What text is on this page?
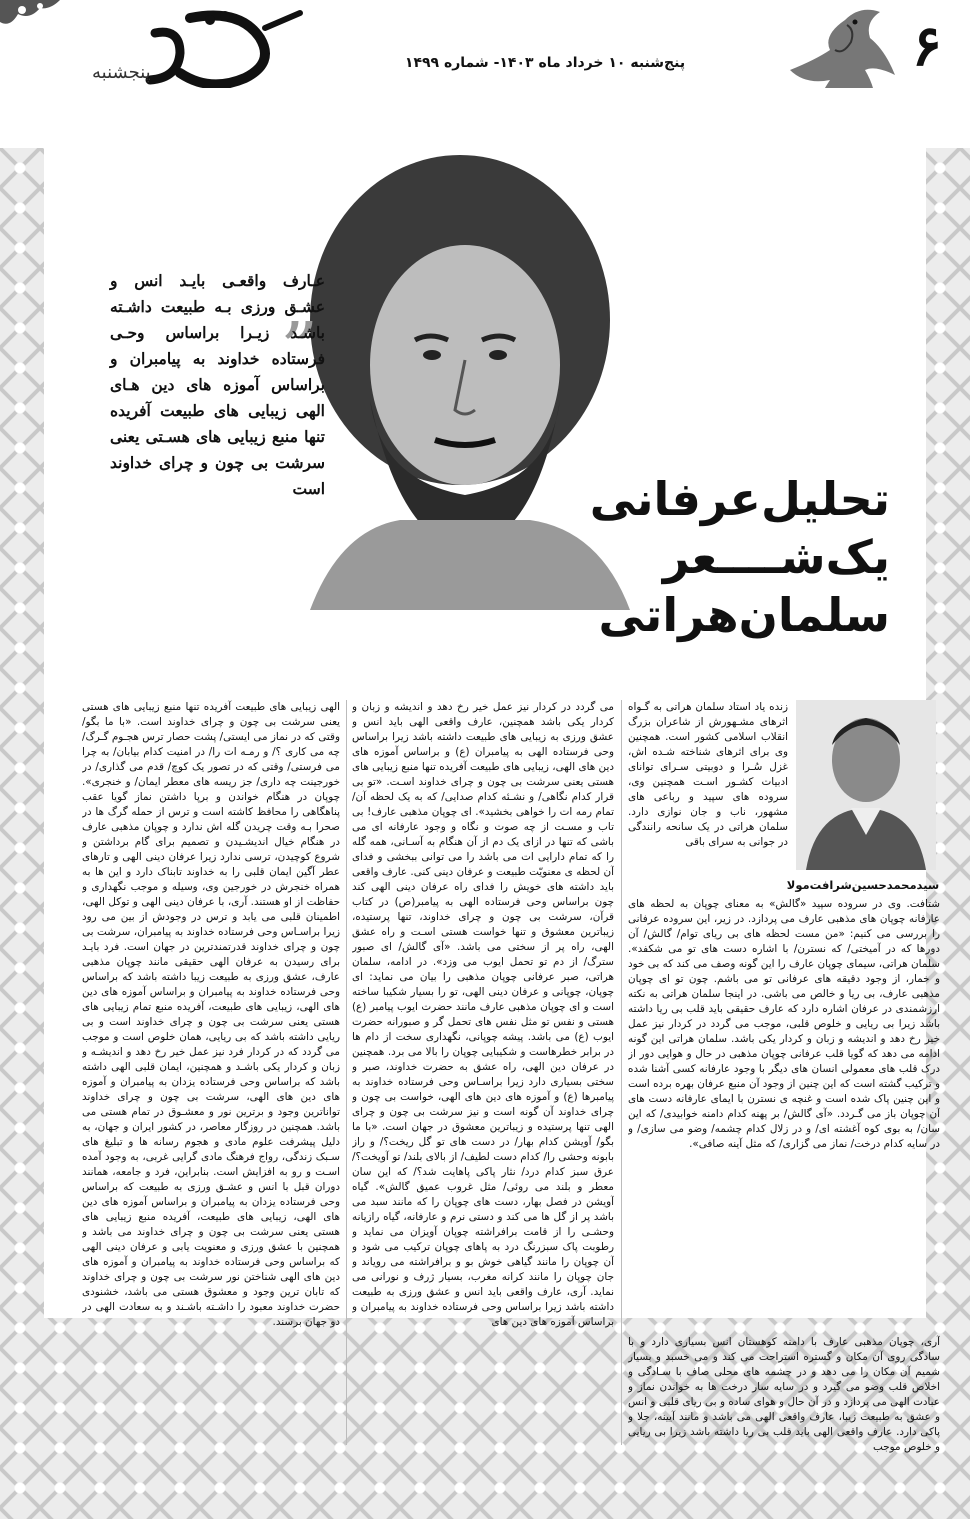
پنجشنبه	پنج‌شنبه ۱۰ خرداد ماه ۱۴۰۳- شماره ۱۴۹۹	۶
„
عـارف واقعـی بایـد انس و عشـق ورزی بـه طبیعت داشـته باشـد زیـرا براساس وحـی فرستاده خداوند به پیامبران و براساس آموزه های دین هـای الهی زیبایی های طبیعت آفریده تنها منبع زیبایی های هسـتی یعنی سرشت بی چون و چرای خداوند است	تحلیل‌عرفانی
یک‌شــــعر
سلمان‌هراتی
سیدمحمدحسین‌شرافت‌مولا
زنده یاد استاد سلمان هراتی به گـواه اثرهای مشـهورش از شاعران بزرگ انقلاب اسلامی کشور است. همچنین وی برای اثرهای شناخته شـده اش، غزل سُـرا و دوبیتی سـرای توانای ادبیات کشـور اسـت همچنین وی، سروده های سپید و رباعی های مشهور، ناب و جان نوازی دارد. سلمان هراتی در یک سانحه رانندگی در جوانی به سرای باقی
شتافت. وی در سروده سپید «گالش» به معنای چوپان به لحظه های عارفانه چوپان های مذهبی عارف می پردازد. در زیر، این سروده عرفانی را بررسی می کنیم: «من مست لحظه های بی ریای توام/ گالش/ آن دورها که در آمیختی/ که نسترن/ با اشاره دست های تو می شکفد». سلمان هراتی، سیمای چوپان عارف را این گونه وصف می کند که بی خود و خمار، از وجود دقیقه های عرفانی تو می باشم. چون تو ای چوپان مذهبی عارف، بی ریا و خالص می باشی. در اینجا سلمان هراتی به نکته ارزشمندی در عرفان اشاره دارد که عارف حقیقی باید قلب بی ریا داشته باشد زیرا بی ریایی و خلوص قلبی، موجب می گردد در کردار نیز عمل خیر رخ دهد و اندیشه و زبان و کردار یکی باشد. سلمان هراتی این گونه ادامه می دهد که گویا قلب عرفانی چوپان مذهبی در حال و هوایی دور از درک قلب های معمولی انسان های دیگر با وجود عارفانه کسی آشنا شده و ترکیب گشته است که این چنین از وجود آن منبع عرفان بهره برده است و این چنین پاک شده است و غنچه ی نسترن با ایمای عارفانه دست های آن چوپان باز می گـردد. «آی گالش/ بر پهنه کدام دامنه خوابیدی/ که این سان/ به بوی کوه آغشته ای/ و در زلال کدام چشمه/ وضو می سازی/ و در سایه کدام درخت/ نماز می گزاری/ که مثل آینه صافی».
آری، چوپان مذهبی عارف با دامنه کوهستان انس بسیاری دارد و با سادگی روی آن مکان و گستره استراحت می کند و می خسبد و بسیار شمیم آن مکان را می دهد و در چشمه های محلی صاف با سـادگی و اخلاص قلب وضو می گیرد و در سایه سار درخت ها به خواندن نماز و عبادت الهی می پردازد و در آن حال و هوای ساده و بی ریای قلبی و انس و عشق به طبیعت زیبا، عارف واقعی الهی می باشد و مانند آیینه، جلا و پاکی دارد. عارف واقعی الهی باید قلب بی ریا داشته باشد زیرا بی ریایی و خلوص موجب
می گردد در کردار نیز عمل خیر رخ دهد و اندیشه و زبان و کردار یکی باشد همچنین، عارف واقعی الهی باید انس و عشق ورزی به زیبایی های طبیعت داشته باشد زیرا براساس وحی فرستاده الهی به پیامبران (ع) و براساس آموزه های دین های الهی، زیبایی های طبیعت آفریده تنها منبع زیبایی های هستی یعنی سرشت بی چون و چرای خداوند اسـت. «تو بی قرار کدام نگاهی/ و نشـئه کدام صدایی/ که به یک لحظه آن/ تمام رمه ات را خواهی بخشید». ای چوپان مذهبی عارف! بی تاب و مسـت از چه صوت و نگاه و وجود عارفانه ای می باشی که تنها در ازای یک دم از آن هنگام به آسـانی، همه گله را که تمام دارایی ات می باشد را می توانی ببخشی و فدای آن لحظه ی معنویّت طبیعت و عرفان دینی کنی. عارف واقعی باید داشته های خویش را فدای راه عرفان دینی الهی کند چون براساس وحی فرستاده الهی به پیامبر(ص) در کتاب قرآن، سرشت بی چون و چرای خداوند، تنها پرستیده، زیباترین معشوق و تنها خواست هستی اسـت و راه عشق الهی، راه پر از سختی می باشد. «آی گالش/ ای صبور سترگ/ از دم تو تحمل ایوب می وزد». در ادامه، سلمان هراتی، صبر عرفانی چوپان مذهبی را بیان می نماید: ای چوپان، چوپانی و عرفان دینی الهی، تو را بسیار شکیبا ساخته است و ای چوپان مذهبی عارف مانند حضرت ایوب پیامبر (ع) هستی و نفس تو مثل نفس های تحمل گر و صبورانه حضرت ایوب (ع) می باشد. پیشه چوپانی، نگهداری سخت از دام ها در برابر خطرهاست و شکیبایی چوپان را بالا می برد. همچنین در عرفان دین الهی، راه عشق به حضرت خداوند، صبر و سختی بسیاری دارد زیرا براسـاس وحی فرستاده خداوند به پیامبرها (ع) و آموزه های دین های الهی، خواست بی چون و چرای خداوند آن گونه است و نیز سرشت بی چون و چرای الهی تنها پرستیده و زیباترین معشوق در جهان است. «با ما بگو/ آویشن کدام بهار/ در دست های تو گل ریخت؟/ و راز بابونه وحشی را/ کدام دست لطیف/ از بالای بلند/ تو آویخت؟/ عرق سبز کدام درد/ نثار پاکی پاهایت شد؟/ که این سان معطر و بلند می روئی/ مثل غروب عمیق گالش». گیاه آویشن در فصل بهار، دست های چوپان را که مانند سبد می باشد پر از گل ها می کند و دستی نرم و عارفانه، گیاه رازیانه وحشـی را از قامت برافراشته چوپان آویزان می نماید و رطوبت پاک سبزرنگ درد به پاهای چوپان ترکیب می شود و آن چوپان را مانند گیاهی خوش بو و برافراشته می رویاند و جان چوپان را مانند کرانه مغرب، بسیار ژرف و نورانی می نماید. آری، عارف واقعی باید انس و عشق ورزی به طبیعت داشته باشد زیرا براساس وحی فرستاده خداوند به پیامبران و براساس آموزه های دین های
الهی زیبایی های طبیعت آفریده تنها منبع زیبایی های هستی یعنی سرشت بی چون و چرای خداوند است. «با ما بگو/ وقتی که در نماز می ایستی/ پشت حصار ترس هجـوم گـرگ/ چه می کاری ؟/ و رمـه ات را/ در امنیت کدام بیابان/ به چرا می فرستی/ وقتی که در تصور یک کوچ/ قدم می گذاری/ در خورجینت چه داری/ جز ریسه های معطر ایمان/ و خنجری». چوپان در هنگام خواندن و برپا داشتن نماز گویا عقب پناهگاهی را محافظ کاشته است و ترس از حمله گرگ ها در صحرا بـه وقت چریدن گله اش ندارد و چوپان مذهبی عارف در هنگام خیال اندیشـیدن و تصمیم برای گام برداشتن و شروع کوچیدن، ترسی ندارد زیرا عرفان دینی الهی و تارهای عطر آگین ایمان قلبی را به خداوند تابناک دارد و این ها به همراه خنجرش در خورجین وی، وسیله و موجب نگهداری و حفاظت از او هستند. آری، با عرفان دینی الهی و توکل الهی، اطمینان قلبی می یابد و ترس در وجودش از بین می رود زیرا براسـاس وحی فرستاده خداوند به پیامبران، سرشت بی چون و چرای خداوند قدرتمندترین در جهان است. فرد بایـد برای رسیدن به عرفان الهی حقیقی مانند چوپان مذهبی عارف، عشق ورزی به طبیعت زیبا داشته باشد که براساس وحی فرستاده خداوند به پیامبران و براساس آموزه های دین های الهی، زیبایی های طبیعت، آفریده منبع تمام زیبایی های هستی یعنی سرشت بی چون و چرای خداوند است و بی ریایی داشته باشد که بی ریایی، همان خلوص است و موجب می گردد که در کردار فرد نیز عمل خیر رخ دهد و اندیشـه و زبان و کردار یکی باشـد و همچنین، ایمان قلبی الهی داشته باشد که براساس وحی فرستاده یزدان به پیامبران و آموزه های دین های الهی، سرشت بی چون و چرای خداوند تواناترین وجود و برترین نور و معشـوق در تمام هستی می باشد. همچنین در روزگار معاصر، در کشور ایران و جهان، به دلیل پیشرفت علوم مادی و هجوم رسانه ها و تبلیغ های سـبک زندگی، رواج فرهنگ مادی گرایی غربی، به وجود آمده اسـت و رو به افزایش است. بنابراین، فرد و جامعه، همانند دوران قبل با انس و عشـق ورزی به طبیعت که براساس وحی فرستاده یزدان به پیامبران و براساس آموزه های دین های الهی، زیبایی های طبیعت، آفریده منبع زیبایی های هستی یعنی سرشت بی چون و چرای خداوند می باشد و همچنین با عشق ورزی و معنویت یابی و عرفان دینی الهی که براساس وحی فرستاده خداوند به پیامبران و آموزه های دین های الهی شناختن نور سرشت بی چون و چرای خداوند که تابان ترین وجود و معشوق هستی می باشد، خشنودی حضرت خداوند معبود را داشـته باشـند و به سعادت الهی در دو جهان برسند.
